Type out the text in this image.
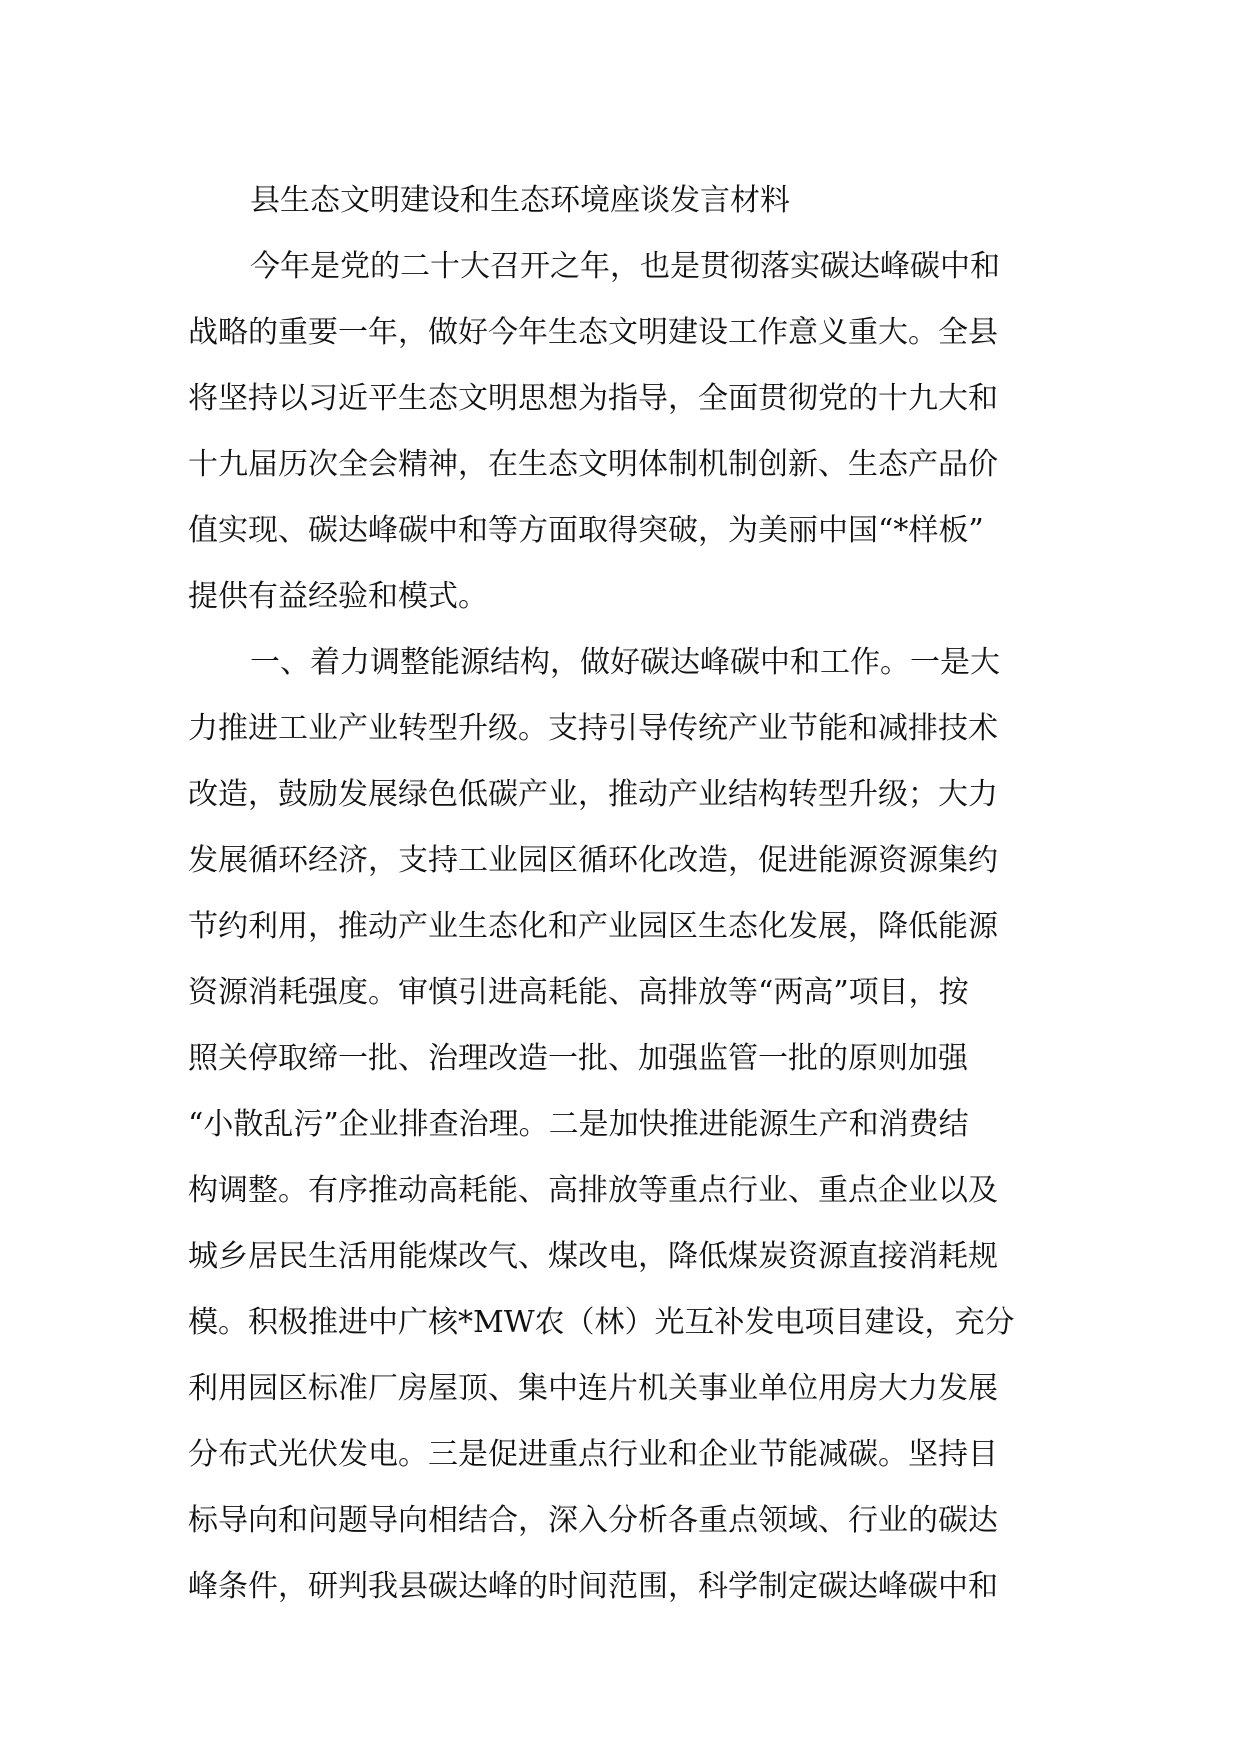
县生态文明建设和生态环境座谈发言材料

今年是党的二十大召开之年，也是贯彻落实碳达峰碳中和
战略的重要一年，做好今年生态文明建设工作意义重大。全县
将坚持以习近平生态文明思想为指导，全面贯彻党的十九大和
十九届历次全会精神，在生态文明体制机制创新、生态产品价
值实现、碳达峰碳中和等方面取得突破，为美丽中国“*样板”
提供有益经验和模式。

一、着力调整能源结构，做好碳达峰碳中和工作。一是大
力推进工业产业转型升级。支持引导传统产业节能和减排技术
改造，鼓励发展绿色低碳产业，推动产业结构转型升级；大力
发展循环经济，支持工业园区循环化改造，促进能源资源集约
节约利用，推动产业生态化和产业园区生态化发展，降低能源
资源消耗强度。审慎引进高耗能、高排放等“两高”项目，按
照关停取缔一批、治理改造一批、加强监管一批的原则加强
“小散乱污”企业排查治理。二是加快推进能源生产和消费结
构调整。有序推动高耗能、高排放等重点行业、重点企业以及
城乡居民生活用能煤改气、煤改电，降低煤炭资源直接消耗规
模。积极推进中广核*MW农（林）光互补发电项目建设，充分
利用园区标准厂房屋顶、集中连片机关事业单位用房大力发展
分布式光伏发电。三是促进重点行业和企业节能减碳。坚持目
标导向和问题导向相结合，深入分析各重点领域、行业的碳达
峰条件，研判我县碳达峰的时间范围，科学制定碳达峰碳中和
